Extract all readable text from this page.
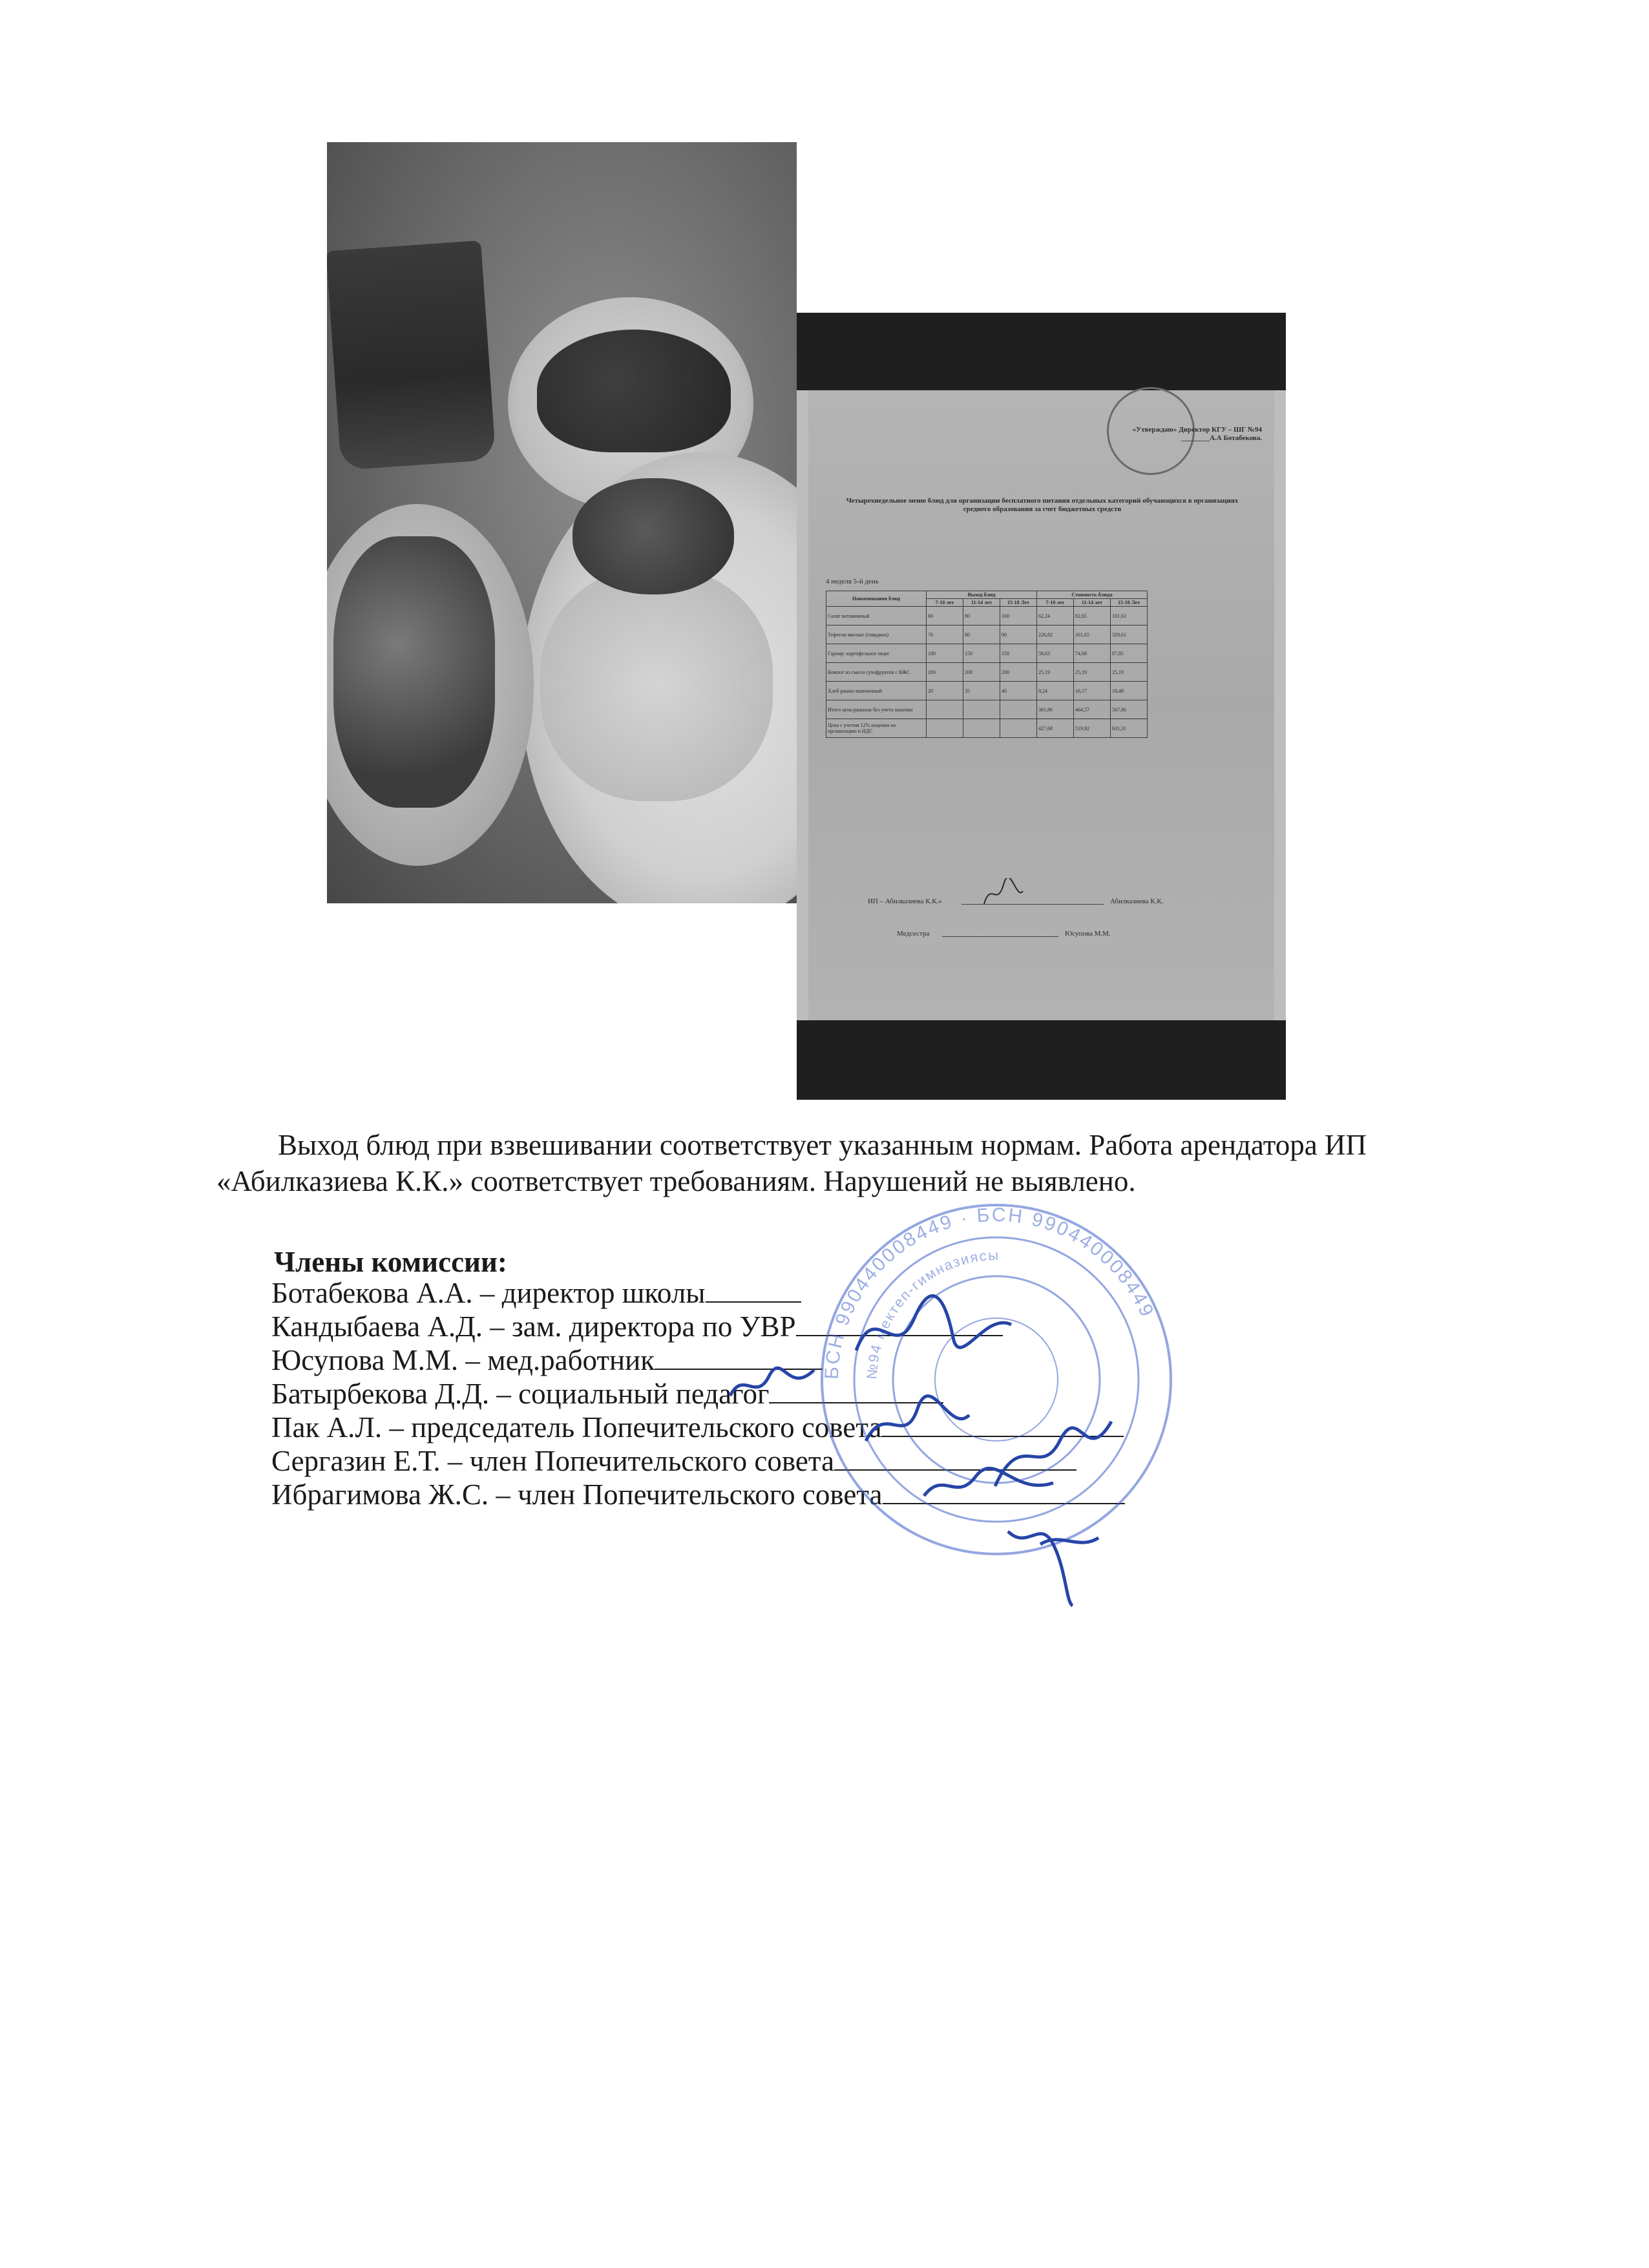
«Утверждаю» Директор КГУ – ШГ №94 ________А.А Ботабекова.
Четырехнедельное меню блюд для организации бесплатного питания отдельных категорий обучающихся в организациях среднего образования за счет бюджетных средств
4 неделя 5-й день
Наименования блюд	Выход блюд			Стоимость блюда		
	7-10 лет	11-14 лет	15-18 Лет	7-10 лет	11-14 лет	15-18 Лет
Салат витаминный	60	80	100	62,24	82,65	101,63
Тефтели мясные (говядина)	70	80	90	226,82	261,65	329,61
Гарнир: картофельное пюре	100	150	150	58,63	74,68	87,85
Компот из смеси сухофруктов с ВЖС	200	200	200	25,19	25,19	25,19
Хлеб ржано-пшеничный	20	35	40	9,24	16,17	18,48
Итого цена рациона без учета наценки				381,86	464,57	567,86
Цена с учетом 12% наценки на организацию и НДС				427,68	519,92	631,31
ИП – Абилказиева К.К.»	Абилказиева К.К.
Медсестра	Юсупова М.М.
Выход блюд при взвешивании соответствует указанным нормам. Работа арендатора ИП
«Абилказиева К.К.» соответствует требованиям. Нарушений не выявлено.
Члены комиссии:
Ботабекова А.А. – директор школы
Кандыбаева А.Д. – зам. директора по УВР
Юсупова М.М. – мед.работник
Батырбекова Д.Д. – социальный педагог
Пак А.Л. – председатель Попечительского совета
Сергазин Е.Т. – член Попечительского совета
Ибрагимова Ж.С. – член Попечительского совета
БСН 990440008449 · БСН 990440008449
№94 мектеп-гимназиясы
